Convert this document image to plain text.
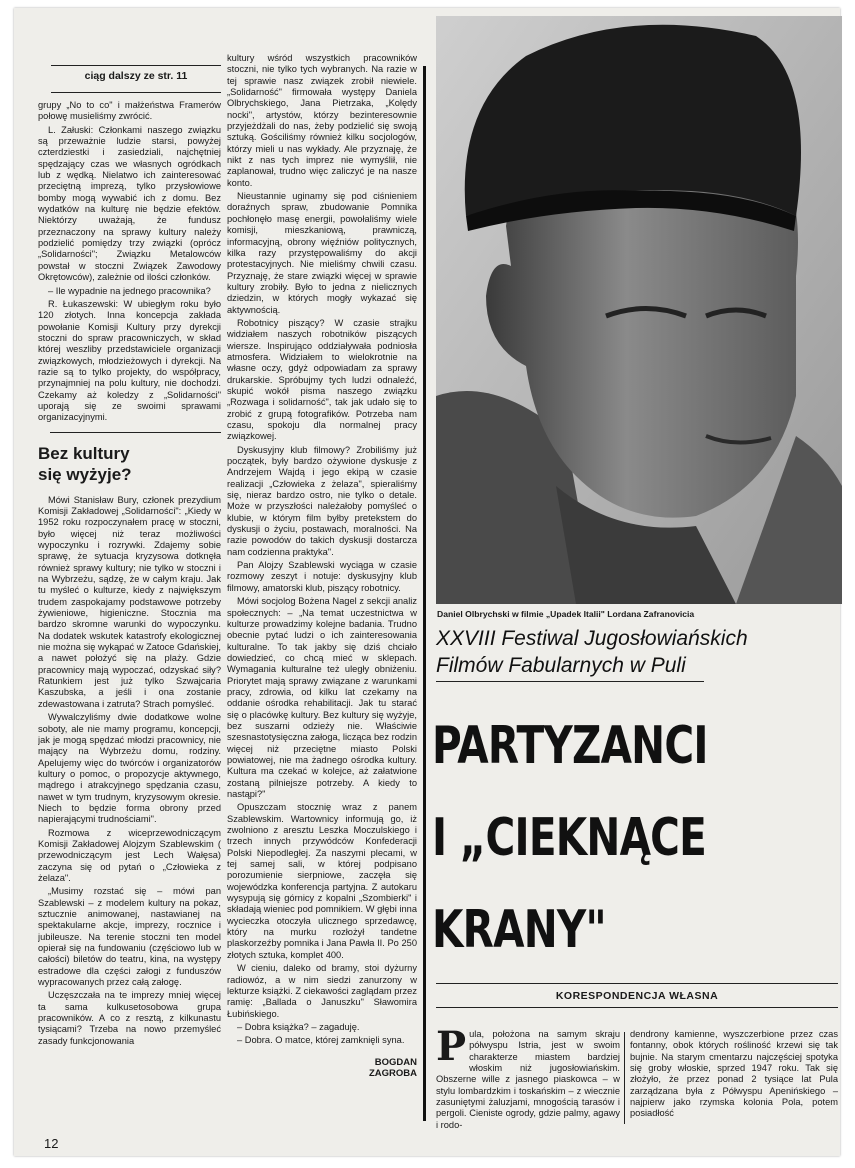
ciąg dalszy ze str. 11

grupy „No to co" i małżeństwa Framerów połowę musieliśmy zwrócić.

L. Załuski: Członkami naszego związku są przeważnie ludzie starsi, powyżej czterdziestki i zasiedziali, najchętniej spędzający czas we własnych ogródkach lub z wędką. Nielatwo ich zainteresować przeciętną imprezą, tylko przysłowiowe bomby mogą wywabić ich z domu. Bez wydatków na kulturę nie będzie efektów. Niektórzy uważają, że fundusz przeznaczony na sprawy kultury należy podzielić pomiędzy trzy związki (oprócz „Solidarności"; Związku Metalowców powstał w stoczni Związek Zawodowy Okrętowców), zależnie od ilości członków.

– Ile wypadnie na jednego pracownika?

R. Łukaszewski: W ubiegłym roku było 120 złotych. Inna koncepcja zakłada powołanie Komisji Kultury przy dyrekcji stoczni do spraw pracowniczych, w skład której weszliby przedstawiciele organizacji związkowych, młodzieżowych i dyrekcji. Na razie są to tylko projekty, do współpracy, przynajmniej na polu kultury, nie dochodzi. Czekamy aż koledzy z „Solidarności" uporają się ze swoimi sprawami organizacyjnymi.

Bez kultury
się wyżyje?

Mówi Stanisław Bury, członek prezydium Komisji Zakładowej „Solidarności": „Kiedy w 1952 roku rozpoczynałem pracę w stoczni, było więcej niż teraz możliwości wypoczynku i rozrywki. Zdajemy sobie sprawę, że sytuacja kryzysowa dotknęła również sprawy kultury; nie tylko w stoczni i na Wybrzeżu, sądzę, że w całym kraju. Jak tu myśleć o kulturze, kiedy z największym trudem zaspokajamy podstawowe potrzeby żywieniowe, higieniczne. Stocznia ma bardzo skromne warunki do wypoczynku. Na dodatek wskutek katastrofy ekologicznej nie można się wykąpać w Zatoce Gdańskiej, a nawet położyć się na plaży. Gdzie pracownicy mają wypoczać, odzyskać siły? Ratunkiem jest już tylko Szwajcaria Kaszubska, a jeśli i ona zostanie zdewastowana i zatruta? Strach pomyśleć.

Wywalczyliśmy dwie dodatkowe wolne soboty, ale nie mamy programu, koncepcji, jak je mogą spędzać młodzi pracownicy, nie mający na Wybrzeżu domu, rodziny. Apelujemy więc do twórców i organizatorów kultury o pomoc, o propozycje aktywnego, mądrego i atrakcyjnego spędzania czasu, nawet w tym trudnym, kryzysowym okresie. Niech to będzie forma obrony przed napierającymi trudnościami".

Rozmowa z wiceprzewodniczącym Komisji Zakładowej Alojzym Szablewskim ( przewodniczącym jest Lech Wałęsa) zaczyna się od pytań o „Człowieka z żelaza".

„Musimy rozstać się – mówi pan Szablewski – z modelem kultury na pokaz, sztucznie animowanej, nastawianej na spektakularne akcje, imprezy, rocznice i jubileusze. Na terenie stoczni ten model opierał się na fundowaniu (częściowo lub w całości) biletów do teatru, kina, na występy estradowe dla części załogi z funduszów wypracowanych przez całą załogę.

Uczęszczała na te imprezy mniej więcej ta sama kulkusetosobowa grupa pracowników. A co z resztą, z kilkunastu tysiącami? Trzeba na nowo przemyśleć zasady funkcjonowania

kultury wśród wszystkich pracowników stoczni, nie tylko tych wybranych. Na razie w tej sprawie nasz związek zrobił niewiele. „Solidarność" firmowała występy Daniela Olbrychskiego, Jana Pietrzaka, „Kolędy nocki", artystów, którzy bezinteresownie przyjeżdżali do nas, żeby podzielić się swoją sztuką. Gościliśmy również kilku socjologów, którzy mieli u nas wykłady. Ale przyznaję, że nikt z nas tych imprez nie wymyślił, nie zaplanował, trudno więc zaliczyć je na nasze konto.

Nieustannie uginamy się pod ciśnieniem doraźnych spraw, zbudowanie Pomnika pochłonęło masę energii, powołaliśmy wiele komisji, mieszkaniową, prawniczą, informacyjną, obrony więźniów politycznych, kilka razy przystępowaliśmy do akcji protestacyjnych. Nie mieliśmy chwili czasu. Przyznaję, że stare związki więcej w sprawie kultury zrobiły. Było to jedna z nielicznych dziedzin, w których mogły wykazać się aktywnością.

Robotnicy piszący? W czasie strajku widziałem naszych robotników piszących wiersze. Inspirująco oddziaływała podniosła atmosfera. Widziałem to wielokrotnie na własne oczy, gdyż odpowiadam za sprawy drukarskie. Spróbujmy tych ludzi odnaleźć, skupić wokół pisma naszego związku „Rozwaga i solidarność", tak jak udało się to zrobić z grupą fotografików. Potrzeba nam czasu, spokoju dla normalnej pracy związkowej.

Dyskusyjny klub filmowy? Zrobiliśmy już początek, były bardzo ożywione dyskusje z Andrzejem Wajdą i jego ekipą w czasie realizacji „Człowieka z żelaza", spieraliśmy się, nieraz bardzo ostro, nie tylko o detale. Może w przyszłości należałoby pomyśleć o klubie, w którym film byłby pretekstem do dyskusji o życiu, postawach, moralności. Na razie powodów do takich dyskusji dostarcza nam codzienna praktyka".

Pan Alojzy Szablewski wyciąga w czasie rozmowy zeszyt i notuje: dyskusyjny klub filmowy, amatorski klub, piszący robotnicy.

Mówi socjolog Bożena Nagel z sekcji analiz społecznych: – „Na temat uczestnictwa w kulturze prowadzimy kolejne badania. Trudno obecnie pytać ludzi o ich zainteresowania kulturalne. To tak jakby się dziś chciało dowiedzieć, co chcą mieć w sklepach. Wymagania kulturalne też uległy obniżeniu. Priorytet mają sprawy związane z warunkami pracy, zdrowia, od kilku lat czekamy na oddanie ośrodka rehabilitacji. Jak tu starać się o placówkę kultury. Bez kultury się wyżyje, bez suszarni odzieży nie. Właściwie szesnastotysięczna załoga, licząca bez rodzin więcej niż przeciętne miasto Polski powiatowej, nie ma żadnego ośrodka kultury. Kultura ma czekać w kolejce, aż załatwione zostaną pilniejsze potrzeby. A kiedy to nastąpi?"

Opuszczam stocznię wraz z panem Szablewskim. Wartownicy informują go, iż zwolniono z aresztu Leszka Moczulskiego i trzech innych przywódców Konfederacji Polski Niepodległej. Za naszymi plecami, w tej samej sali, w której podpisano porozumienie sierpniowe, zaczęła się wojewódzka konferencja partyjna. Z autokaru wysypują się górnicy z kopalni „Szombierki" i składają wieniec pod pomnikiem. W głębi inna wycieczka otoczyła ulicznego sprzedawcę, który na murku rozłożył tandetne plaskorzeźby pomnika i Jana Pawła II. Po 250 złotych sztuka, komplet 400.

W cieniu, daleko od bramy, stoi dyżurny radiowóz, a w nim siedzi zanurzony w lekturze książki. Z ciekawości zaglądam przez ramię: „Ballada o Januszku" Sławomira Łubińskiego.

– Dobra książka? – zagaduję.

– Dobra. O matce, której zamknięli syna.

BOGDAN
ZAGROBA
Daniel Olbrychski w filmie „Upadek Italii" Lordana Zafranovicia
XXVIII Festiwal Jugosłowiańskich
Filmów Fabularnych w Puli
PARTYZANCI
I „CIEKNĄCE
KRANY"
KORESPONDENCJA WŁASNA

Pula, położona na samym skraju półwyspu Istria, jest w swoim charakterze miastem bardziej włoskim niż jugosłowiańskim. Obszerne wille z jasnego piaskowca – w stylu lombardzkim i toskańskim – z wiecznie zasuniętymi żaluzjami, mnogością tarasów i pergoli. Cieniste ogrody, gdzie palmy, agawy i rodo-

dendrony kamienne, wyszczerbione przez czas fontanny, obok których rośliność krzewi się tak bujnie. Na starym cmentarzu najczęściej spotyka się groby włoskie, sprzed 1947 roku. Tak się złożyło, że przez ponad 2 tysiące lat Pula zarządzana była z Półwyspu Apenińskiego – najpierw jako rzymska kolonia Pola, potem posiadłość

12
